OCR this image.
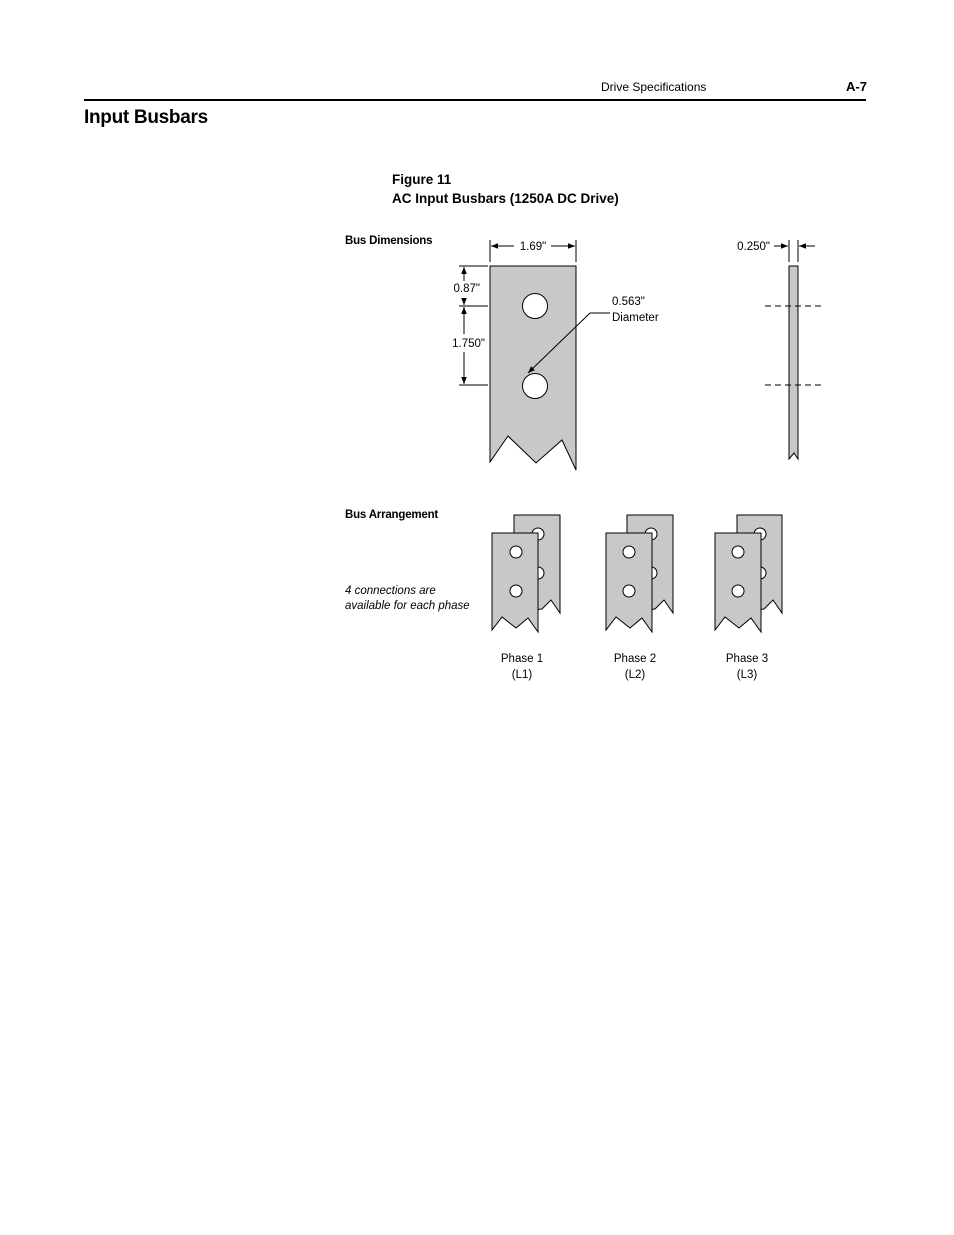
Drive Specifications	A-7
Input Busbars
Figure 11
AC Input Busbars (1250A DC Drive)
Bus Dimensions
Bus Arrangement
4 connections are
available for each phase
1.69"
0.87"
1.750"
0.563"
Diameter
0.250"
Phase 1
(L1)
Phase 2
(L2)
Phase 3
(L3)
